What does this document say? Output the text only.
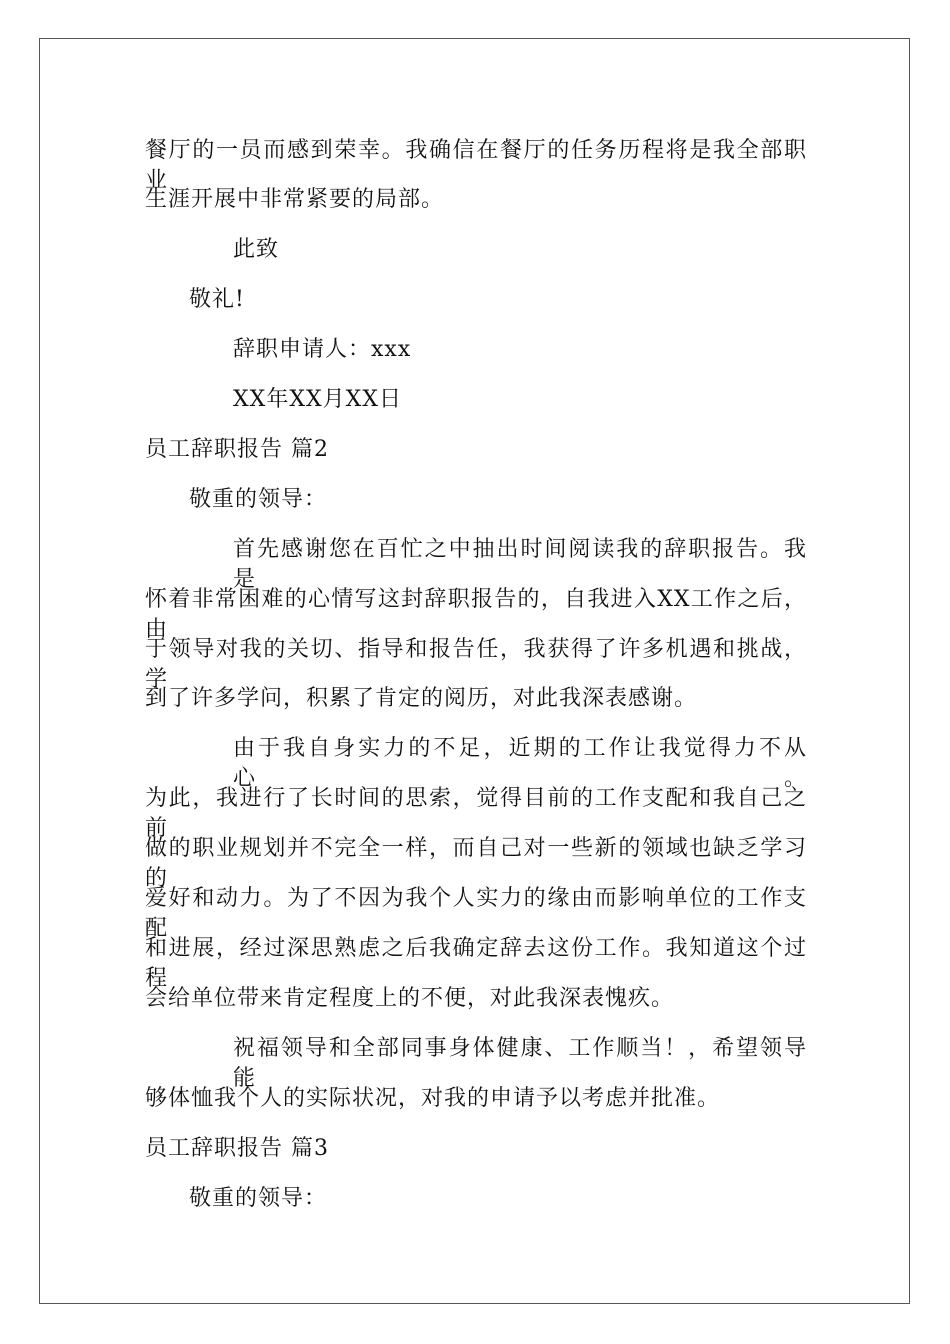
餐厅的一员而感到荣幸。我确信在餐厅的任务历程将是我全部职业
生涯开展中非常紧要的局部。
此致
敬礼!
辞职申请人：xxx
XX年XX月XX日
员工辞职报告 篇2
敬重的领导：
首先感谢您在百忙之中抽出时间阅读我的辞职报告。我是
怀着非常困难的心情写这封辞职报告的，自我进入XX工作之后，由
于领导对我的关切、指导和报告任，我获得了许多机遇和挑战，学
到了许多学问，积累了肯定的阅历，对此我深表感谢。
由于我自身实力的不足，近期的工作让我觉得力不从心。
为此，我进行了长时间的思索，觉得目前的工作支配和我自己之前
做的职业规划并不完全一样，而自己对一些新的领域也缺乏学习的
爱好和动力。为了不因为我个人实力的缘由而影响单位的工作支配
和进展，经过深思熟虑之后我确定辞去这份工作。我知道这个过程
会给单位带来肯定程度上的不便，对此我深表愧疚。
祝福领导和全部同事身体健康、工作顺当！，希望领导能
够体恤我个人的实际状况，对我的申请予以考虑并批准。
员工辞职报告 篇3
敬重的领导：
